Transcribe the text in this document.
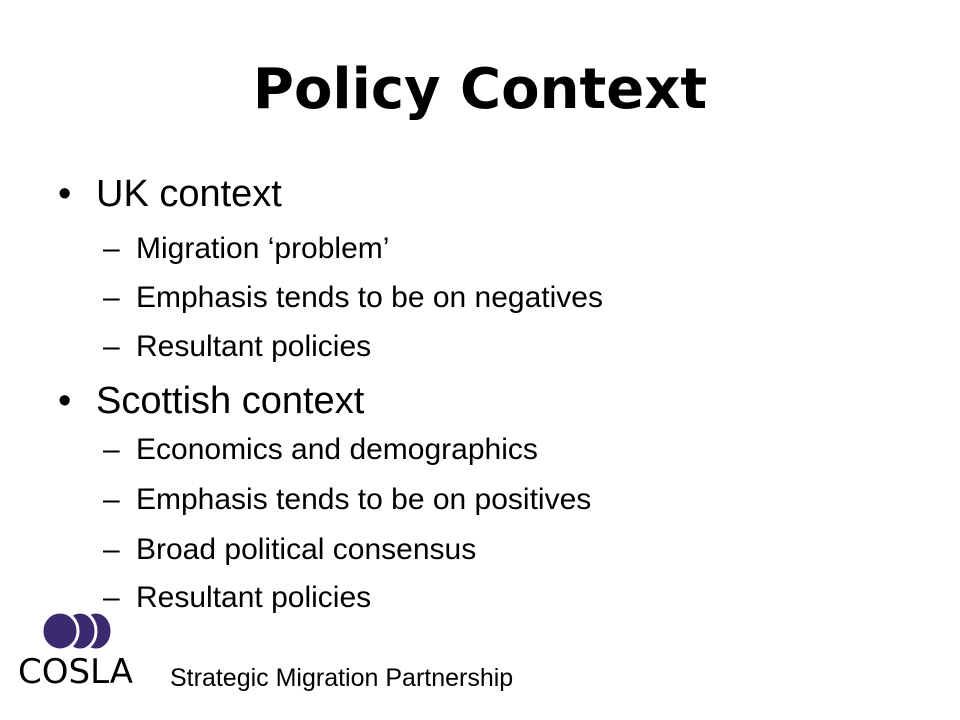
Policy Context
• UK context
– Migration ‘problem’
– Emphasis tends to be on negatives
– Resultant policies
• Scottish context
– Economics and demographics
– Emphasis tends to be on positives
– Broad political consensus
– Resultant policies
COSLA Strategic Migration Partnership
